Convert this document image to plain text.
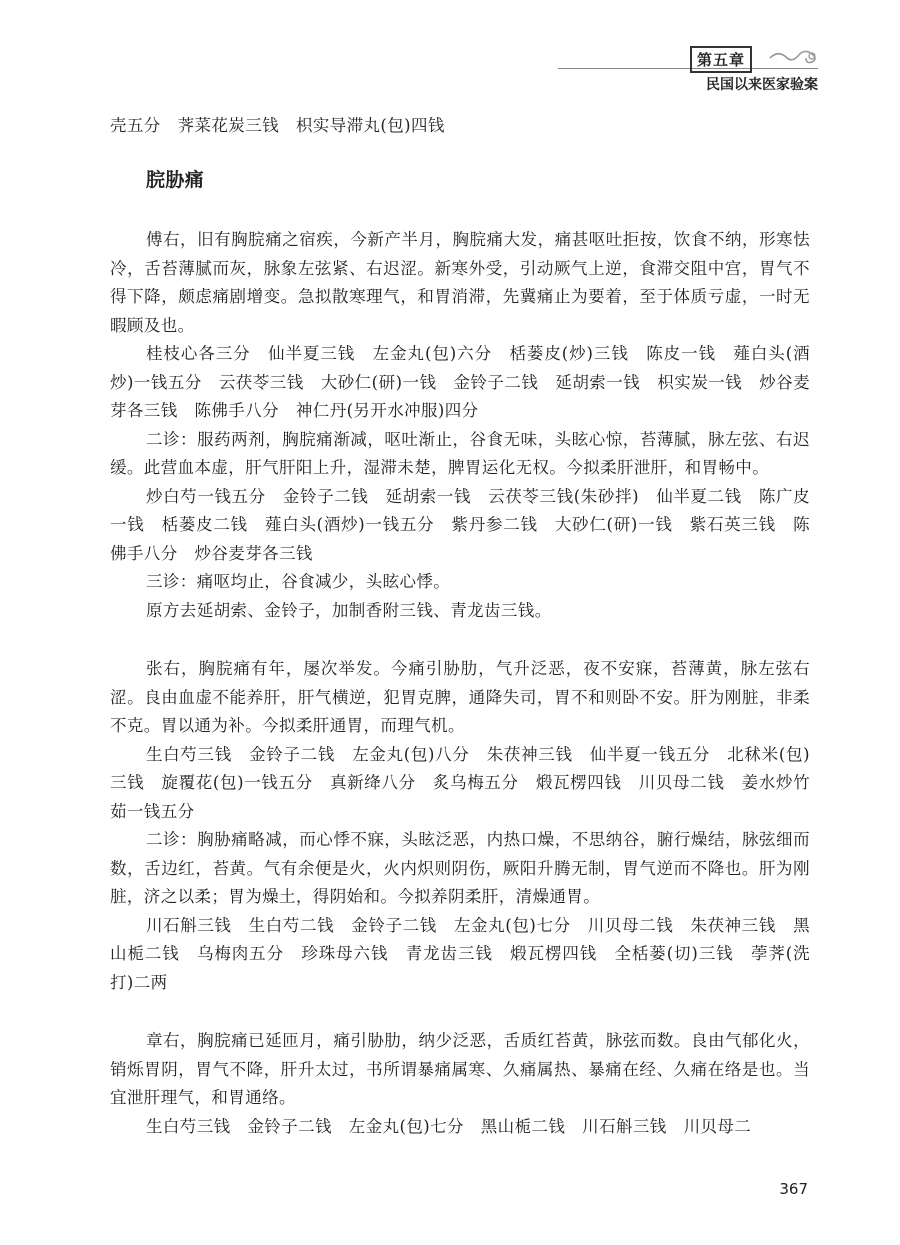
第五章
民国以来医家验案
壳五分　荠菜花炭三钱　枳实导滞丸(包)四钱
脘胁痛
傅右，旧有胸脘痛之宿疾，今新产半月，胸脘痛大发，痛甚呕吐拒按，饮食不纳，形寒怯冷，舌苔薄腻而灰，脉象左弦紧、右迟涩。新寒外受，引动厥气上逆，食滞交阻中宫，胃气不得下降，颇虑痛剧增变。急拟散寒理气，和胃消滞，先冀痛止为要着，至于体质亏虚，一时无暇顾及也。
桂枝心各三分　仙半夏三钱　左金丸(包)六分　栝蒌皮(炒)三钱　陈皮一钱　薤白头(酒炒)一钱五分　云茯苓三钱　大砂仁(研)一钱　金铃子二钱　延胡索一钱　枳实炭一钱　炒谷麦芽各三钱　陈佛手八分　神仁丹(另开水冲服)四分
二诊：服药两剂，胸脘痛渐减，呕吐渐止，谷食无味，头眩心惊，苔薄腻，脉左弦、右迟缓。此营血本虚，肝气肝阳上升，湿滞未楚，脾胃运化无权。今拟柔肝泄肝，和胃畅中。
炒白芍一钱五分　金铃子二钱　延胡索一钱　云茯苓三钱(朱砂拌)　仙半夏二钱　陈广皮一钱　栝蒌皮二钱　薤白头(酒炒)一钱五分　紫丹参二钱　大砂仁(研)一钱　紫石英三钱　陈佛手八分　炒谷麦芽各三钱
三诊：痛呕均止，谷食减少，头眩心悸。
原方去延胡索、金铃子，加制香附三钱、青龙齿三钱。
张右，胸脘痛有年，屡次举发。今痛引胁肋，气升泛恶，夜不安寐，苔薄黄，脉左弦右涩。良由血虚不能养肝，肝气横逆，犯胃克脾，通降失司，胃不和则卧不安。肝为刚脏，非柔不克。胃以通为补。今拟柔肝通胃，而理气机。
生白芍三钱　金铃子二钱　左金丸(包)八分　朱茯神三钱　仙半夏一钱五分　北秫米(包)三钱　旋覆花(包)一钱五分　真新绛八分　炙乌梅五分　煅瓦楞四钱　川贝母二钱　姜水炒竹茹一钱五分
二诊：胸胁痛略减，而心悸不寐，头眩泛恶，内热口燥，不思纳谷，腑行燥结，脉弦细而数，舌边红，苔黄。气有余便是火，火内炽则阴伤，厥阳升腾无制，胃气逆而不降也。肝为刚脏，济之以柔；胃为燥土，得阴始和。今拟养阴柔肝，清燥通胃。
川石斛三钱　生白芍二钱　金铃子二钱　左金丸(包)七分　川贝母二钱　朱茯神三钱　黑山栀二钱　乌梅肉五分　珍珠母六钱　青龙齿三钱　煅瓦楞四钱　全栝蒌(切)三钱　荸荠(洗打)二两
章右，胸脘痛已延匝月，痛引胁肋，纳少泛恶，舌质红苔黄，脉弦而数。良由气郁化火，销烁胃阴，胃气不降，肝升太过，书所谓暴痛属寒、久痛属热、暴痛在经、久痛在络是也。当宜泄肝理气，和胃通络。
生白芍三钱　金铃子二钱　左金丸(包)七分　黑山栀二钱　川石斛三钱　川贝母二
367
